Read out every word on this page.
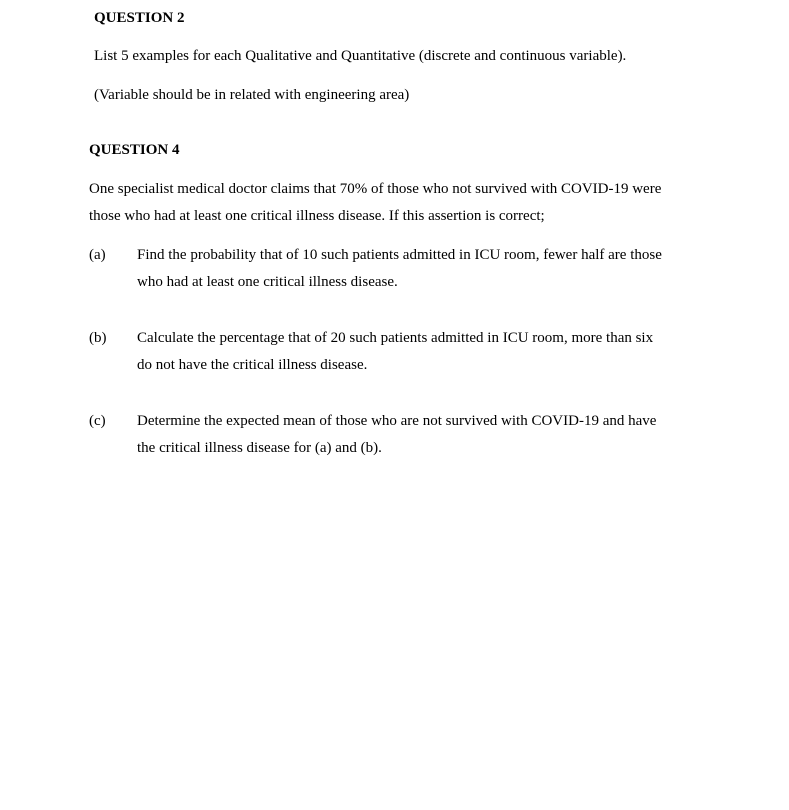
QUESTION 2
List 5 examples for each Qualitative and Quantitative (discrete and continuous variable).
(Variable should be in related with engineering area)
QUESTION 4
One specialist medical doctor claims that 70% of those who not survived with COVID-19 were
those who had at least one critical illness disease. If this assertion is correct;
(a) Find the probability that of 10 such patients admitted in ICU room, fewer half are those
who had at least one critical illness disease.
(b) Calculate the percentage that of 20 such patients admitted in ICU room, more than six
do not have the critical illness disease.
(c) Determine the expected mean of those who are not survived with COVID-19 and have
the critical illness disease for (a) and (b).
